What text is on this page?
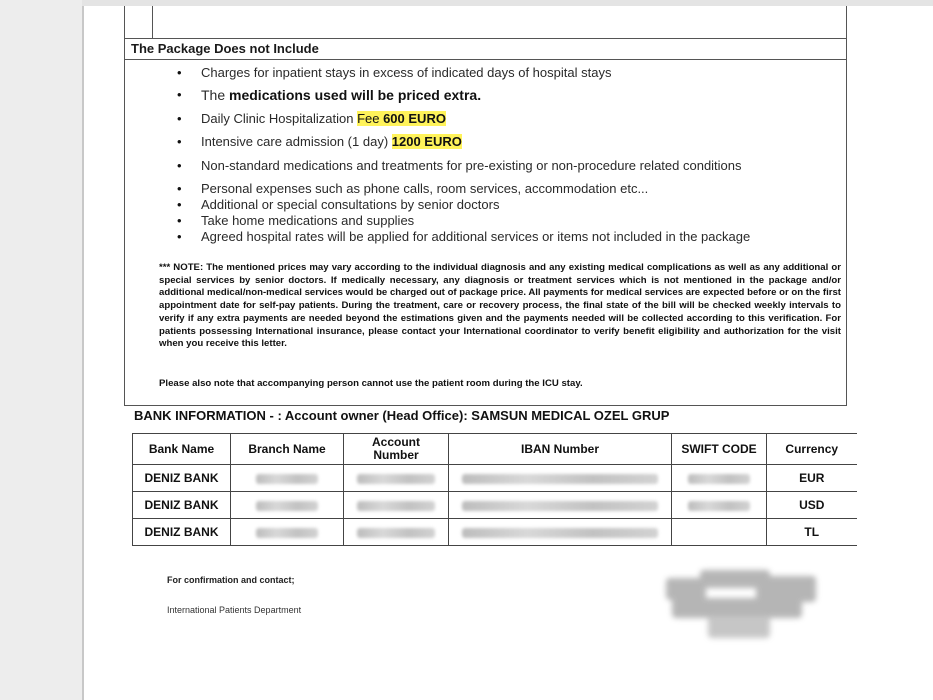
The Package Does not Include
• Charges for inpatient stays in excess of indicated days of hospital stays
• The medications used will be priced extra.
• Daily Clinic Hospitalization Fee 600 EURO
• Intensive care admission (1 day) 1200 EURO
• Non-standard medications and treatments for pre-existing or non-procedure related conditions
• Personal expenses such as phone calls, room services, accommodation etc...
• Additional or special consultations by senior doctors
• Take home medications and supplies
• Agreed hospital rates will be applied for additional services or items not included in the package
*** NOTE: The mentioned prices may vary according to the individual diagnosis and any existing medical complications as well as any additional or special services by senior doctors. If medically necessary, any diagnosis or treatment services which is not mentioned in the package and/or additional medical/non-medical services would be charged out of package price. All payments for medical services are expected before or on the first appointment date for self-pay patients. During the treatment, care or recovery process, the final state of the bill will be checked weekly intervals to verify if any extra payments are needed beyond the estimations given and the payments needed will be collected according to this verification. For patients possessing International insurance, please contact your International coordinator to verify benefit eligibility and authorization for the visit when you receive this letter.
Please also note that accompanying person cannot use the patient room during the ICU stay.
BANK INFORMATION - : Account owner (Head Office): SAMSUN MEDICAL OZEL GRUP
Bank Name	Branch Name	Account Number	IBAN Number	SWIFT CODE	Currency
DENIZ BANK					EUR
DENIZ BANK					USD
DENIZ BANK					TL
For confirmation and contact;
International Patients Department
